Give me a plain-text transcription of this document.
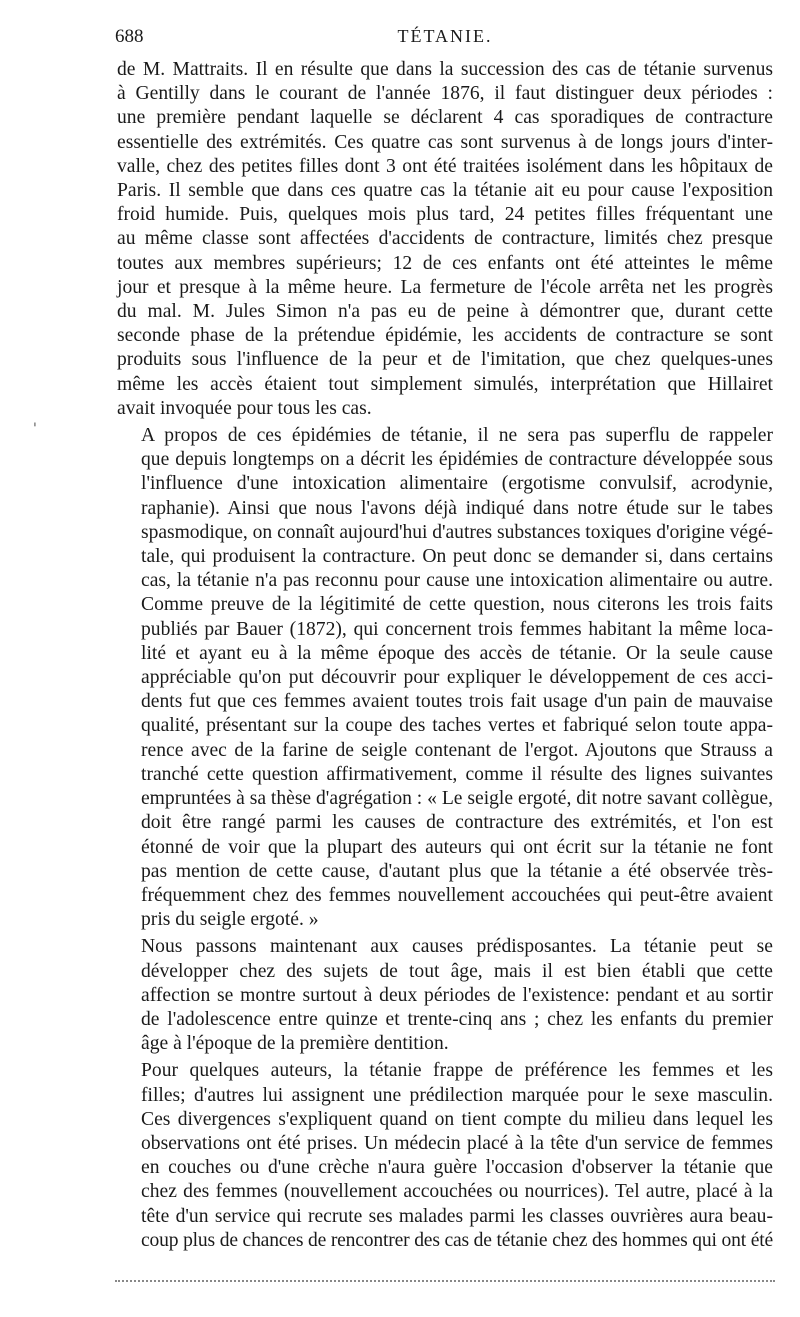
688	TÉTANIE.
'
de M. Mattraits. Il en résulte que dans la succession des cas de tétanie survenus
à Gentilly dans le courant de l'année 1876, il faut distinguer deux périodes :
une première pendant laquelle se déclarent 4 cas sporadiques de contracture
essentielle des extrémités. Ces quatre cas sont survenus à de longs jours d'inter-
valle, chez des petites filles dont 3 ont été traitées isolément dans les hôpitaux de
Paris. Il semble que dans ces quatre cas la tétanie ait eu pour cause l'exposition
froid humide. Puis, quelques mois plus tard, 24 petites filles fréquentant une
au même classe sont affectées d'accidents de contracture, limités chez presque
toutes aux membres supérieurs; 12 de ces enfants ont été atteintes le même
jour et presque à la même heure. La fermeture de l'école arrêta net les progrès
du mal. M. Jules Simon n'a pas eu de peine à démontrer que, durant cette
seconde phase de la prétendue épidémie, les accidents de contracture se sont
produits sous l'influence de la peur et de l'imitation, que chez quelques-unes
même les accès étaient tout simplement simulés, interprétation que Hillairet
avait invoquée pour tous les cas.
A propos de ces épidémies de tétanie, il ne sera pas superflu de rappeler
que depuis longtemps on a décrit les épidémies de contracture développée sous
l'influence d'une intoxication alimentaire (ergotisme convulsif, acrodynie,
raphanie). Ainsi que nous l'avons déjà indiqué dans notre étude sur le tabes
spasmodique, on connaît aujourd'hui d'autres substances toxiques d'origine végé-
tale, qui produisent la contracture. On peut donc se demander si, dans certains
cas, la tétanie n'a pas reconnu pour cause une intoxication alimentaire ou autre.
Comme preuve de la légitimité de cette question, nous citerons les trois faits
publiés par Bauer (1872), qui concernent trois femmes habitant la même loca-
lité et ayant eu à la même époque des accès de tétanie. Or la seule cause
appréciable qu'on put découvrir pour expliquer le développement de ces acci-
dents fut que ces femmes avaient toutes trois fait usage d'un pain de mauvaise
qualité, présentant sur la coupe des taches vertes et fabriqué selon toute appa-
rence avec de la farine de seigle contenant de l'ergot. Ajoutons que Strauss a
tranché cette question affirmativement, comme il résulte des lignes suivantes
empruntées à sa thèse d'agrégation : « Le seigle ergoté, dit notre savant collègue,
doit être rangé parmi les causes de contracture des extrémités, et l'on est
étonné de voir que la plupart des auteurs qui ont écrit sur la tétanie ne font
pas mention de cette cause, d'autant plus que la tétanie a été observée très-
fréquemment chez des femmes nouvellement accouchées qui peut-être avaient
pris du seigle ergoté. »
Nous passons maintenant aux causes prédisposantes. La tétanie peut se
développer chez des sujets de tout âge, mais il est bien établi que cette
affection se montre surtout à deux périodes de l'existence: pendant et au sortir
de l'adolescence entre quinze et trente-cinq ans ; chez les enfants du premier
âge à l'époque de la première dentition.
Pour quelques auteurs, la tétanie frappe de préférence les femmes et les
filles; d'autres lui assignent une prédilection marquée pour le sexe masculin.
Ces divergences s'expliquent quand on tient compte du milieu dans lequel les
observations ont été prises. Un médecin placé à la tête d'un service de femmes
en couches ou d'une crèche n'aura guère l'occasion d'observer la tétanie que
chez des femmes (nouvellement accouchées ou nourrices). Tel autre, placé à la
tête d'un service qui recrute ses malades parmi les classes ouvrières aura beau-
coup plus de chances de rencontrer des cas de tétanie chez des hommes qui ont été
